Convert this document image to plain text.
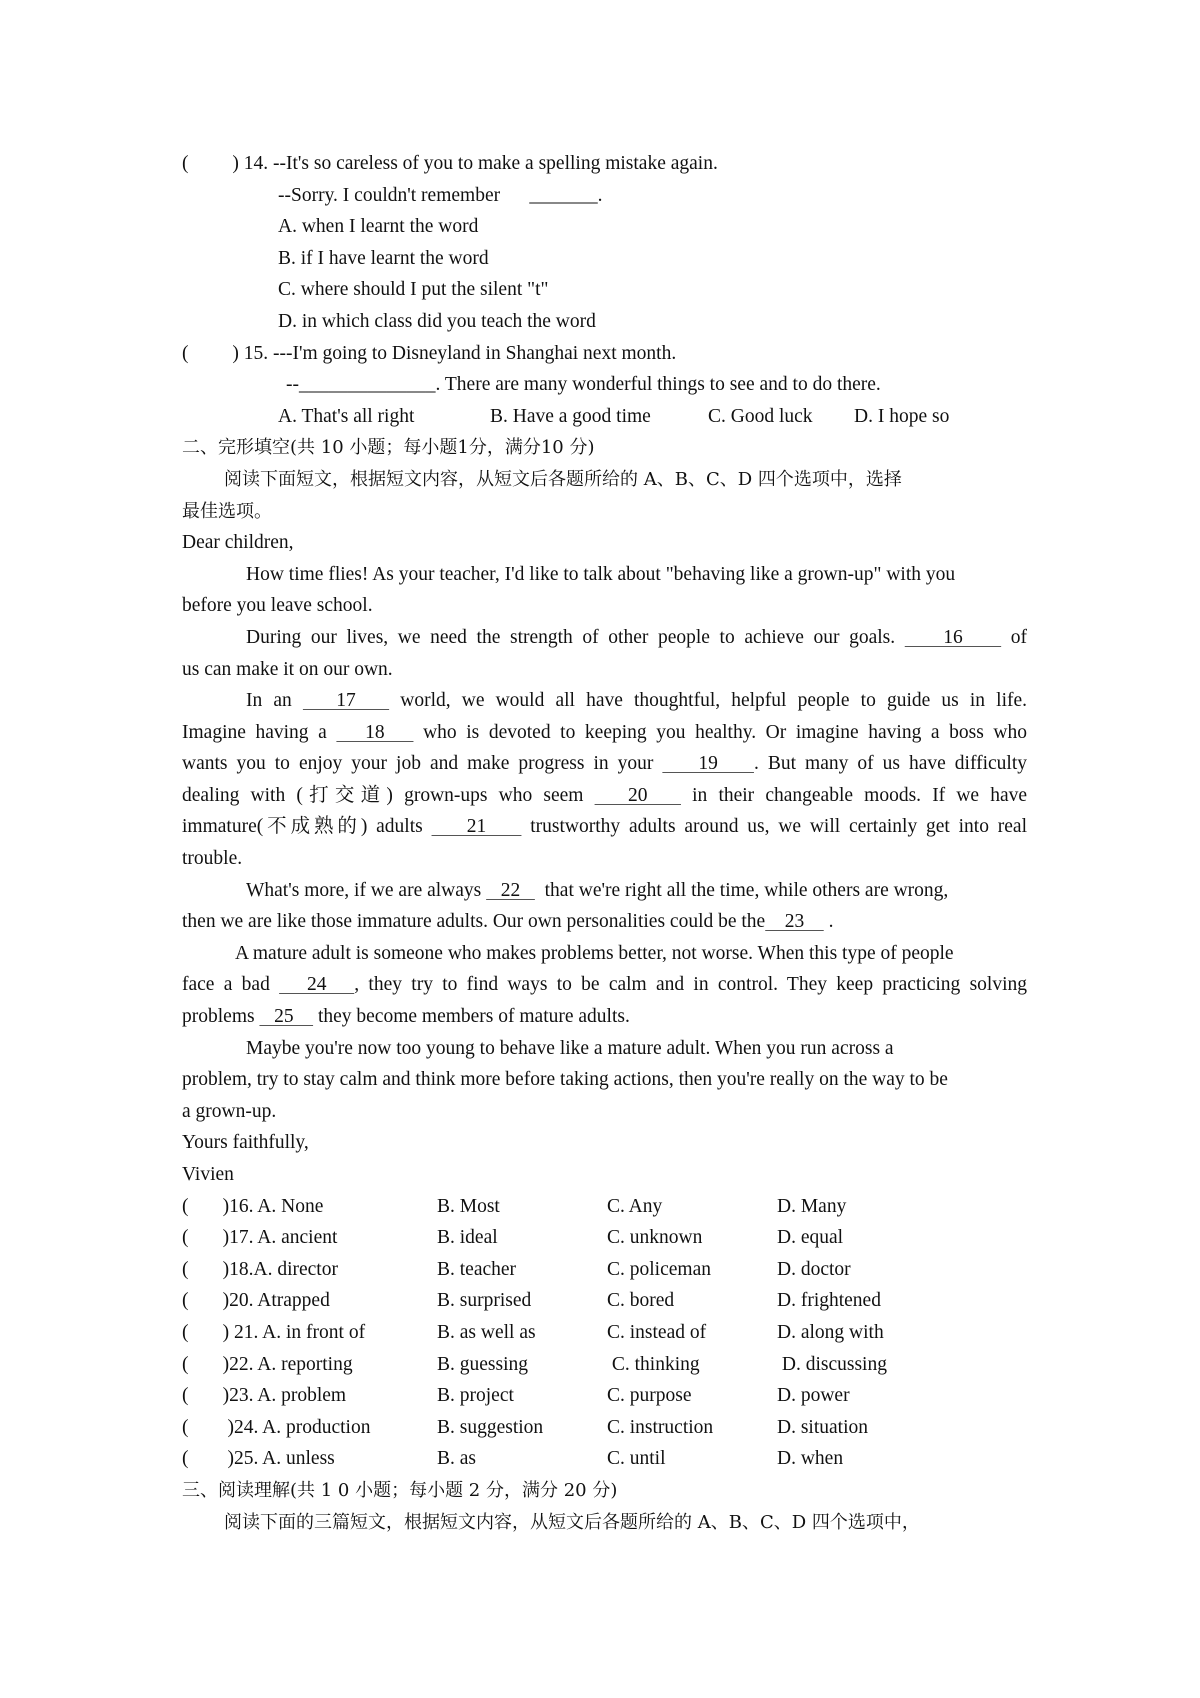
(         ) 14. --It's so careless of you to make a spelling mistake again.
--Sorry. I couldn't remember      _______.
A. when I learnt the word
B. if I have learnt the word
C. where should I put the silent "t"
D. in which class did you teach the word
(         ) 15. ---I'm going to Disneyland in Shanghai next month.
--______________. There are many wonderful things to see and to do there.
A. That's all right	B. Have a good time	C. Good luck	D. I hope so
二、完形填空(共 10 小题；每小题1分，满分10 分)
阅读下面短文，根据短文内容，从短文后各题所给的 A、B、C、D 四个选项中，选择
最佳选项。
Dear children,
How time flies! As your teacher, I'd like to talk about "behaving like a grown-up" with you
before you leave school.
During our lives, we need the strength of other people to achieve our goals.     16     of
us can make it on our own.
In an    17    world, we would all have thoughtful, helpful people to guide us in life.
Imagine having a    18    who is devoted to keeping you healthy. Or imagine having a boss who
wants you to enjoy your job and make progress in your     19    . But many of us have difficulty
dealing with (打交道) grown-ups who seem    20    in their changeable moods. If we have
immature(不成熟的) adults     21     trustworthy adults around us, we will certainly get into real
trouble.
What's more, if we are always    22     that we're right all the time, while others are wrong,
then we are like those immature adults. Our own personalities could be the    23     .
A mature adult is someone who makes problems better, not worse. When this type of people
face a bad    24   , they try to find ways to be calm and in control. They keep practicing solving
problems    25     they become members of mature adults.
Maybe you're now too young to behave like a mature adult. When you run across a
problem, try to stay calm and think more before taking actions, then you're really on the way to be
a grown-up.
Yours faithfully,
Vivien
(       )16. A. None	B. Most	C. Any	D. Many
(       )17. A. ancient	B. ideal	C. unknown	D. equal
(       )18.A. director	B. teacher	C. policeman	D. doctor
(       )20. Atrapped	B. surprised	C. bored	D. frightened
(       ) 21. A. in front of	B. as well as	C. instead of	D. along with
(       )22. A. reporting	B. guessing	C. thinking	D. discussing
(       )23. A. problem	B. project	C. purpose	D. power
(        )24. A. production	B. suggestion	C. instruction	D. situation
(        )25. A. unless	B. as	C. until	D. when
三、阅读理解(共 1 0 小题；每小题 2 分，满分 20 分)
阅读下面的三篇短文，根据短文内容，从短文后各题所给的 A、B、C、D 四个选项中，
